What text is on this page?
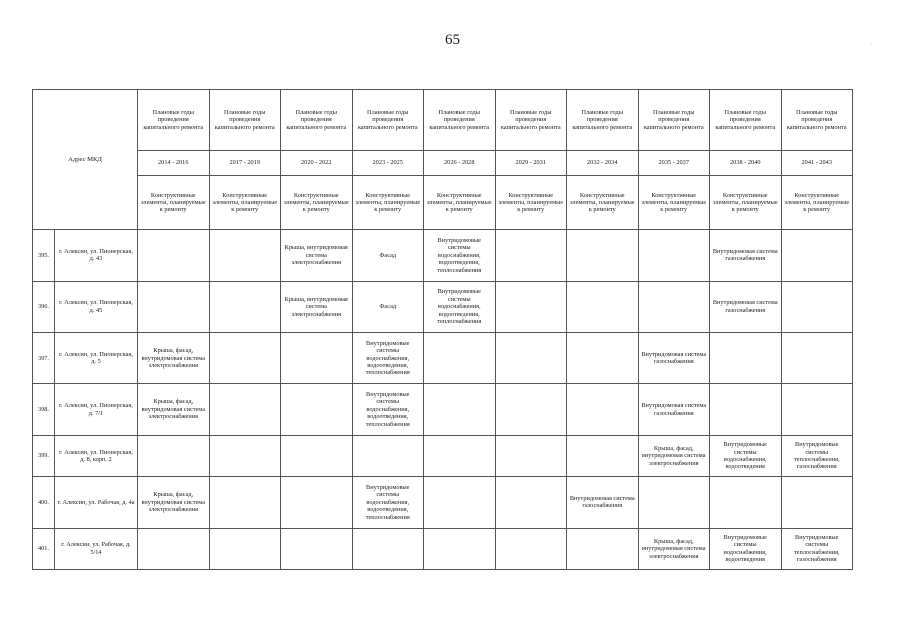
65
Адрес МКД		Плановые годы проведения капитального ремонта	Плановые годы проведения капитального ремонта	Плановые годы проведения капитального ремонта	Плановые годы проведения капитального ремонта	Плановые годы проведения капитального ремонта	Плановые годы проведения капитального ремонта	Плановые годы проведения капитального ремонта	Плановые годы проведения капитального ремонта	Плановые годы проведения капитального ремонта	Плановые годы проведения капитального ремонта
		2014 - 2016	2017 - 2019	2020 - 2022	2023 - 2025	2026 - 2028	2029 - 2031	2032 - 2034	2035 - 2037	2038 - 2040	2041 - 2043
		Конструктивные элементы, планируемые к ремонту	Конструктивные элементы, планируемые к ремонту	Конструктивные элементы, планируемые к ремонту	Конструктивные элементы, планируемые к ремонту	Конструктивные элементы, планируемые к ремонту	Конструктивные элементы, планируемые к ремонту	Конструктивные элементы, планируемые к ремонту	Конструктивные элементы, планируемые к ремонту	Конструктивные элементы, планируемые к ремонту	Конструктивные элементы, планируемые к ремонту
395.	г. Алексин, ул. Пионерская, д. 43			Крыша, внутридомовая система электроснабжения	Фасад	Внутридомовые системы водоснабжения, водоотведения, теплоснабжения				Внутридомовая система газоснабжения	
396.	г. Алексин, ул. Пионерская, д. 45			Крыша, внутридомовая система электроснабжения	Фасад	Внутридомовые системы водоснабжения, водоотведения, теплоснабжения				Внутридомовая система газоснабжения	
397.	г. Алексин, ул. Пионерская, д. 5	Крыша, фасад, внутридомовая система электроснабжения			Внутридомовые системы водоснабжения, водоотведения, теплоснабжения				Внутридомовая система газоснабжения		
398.	г. Алексин, ул. Пионерская, д. 7/1	Крыша, фасад, внутридомовая система электроснабжения			Внутридомовые системы водоснабжения, водоотведения, теплоснабжения				Внутридомовая система газоснабжения		
399.	г. Алексин, ул. Пионерская, д. 8, корп. 2								Крыша, фасад, внутридомовая система электроснабжения	Внутридомовые системы водоснабжения, водоотведения	Внутридомовые системы теплоснабжения, газоснабжения
400.	г. Алексин, ул. Рабочая, д. 4а	Крыша, фасад, внутридомовая система электроснабжения			Внутридомовые системы водоснабжения, водоотведения, теплоснабжения			Внутридомовая система газоснабжения			
401.	г. Алексин, ул. Рабочая, д. 5/14								Крыша, фасад, внутридомовая система электроснабжения	Внутридомовые системы водоснабжения, водоотведения	Внутридомовые системы теплоснабжения, газоснабжения
·
